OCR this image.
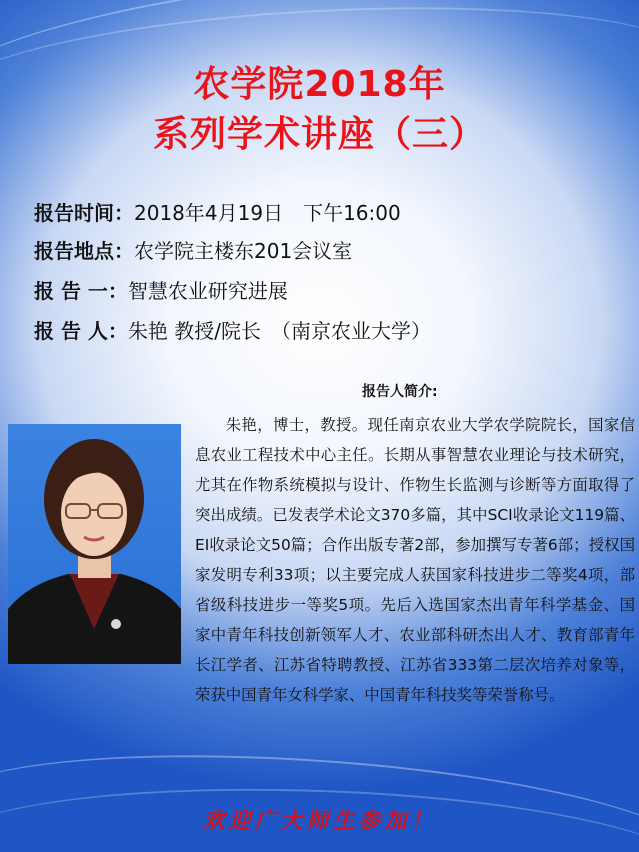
农学院2018年
系列学术讲座（三）
报告时间：2018年4月19日　下午16:00
报告地点：农学院主楼东201会议室
报 告 一：智慧农业研究进展
报 告 人：朱艳 教授/院长　（南京农业大学）
报告人简介:
朱艳，博士，教授。现任南京农业大学农学院院长，国家信息农业工程技术中心主任。长期从事智慧农业理论与技术研究，尤其在作物系统模拟与设计、作物生长监测与诊断等方面取得了突出成绩。已发表学术论文370多篇，其中SCI收录论文119篇、EI收录论文50篇；合作出版专著2部，参加撰写专著6部；授权国家发明专利33项；以主要完成人获国家科技进步二等奖4项，部省级科技进步一等奖5项。先后入选国家杰出青年科学基金、国家中青年科技创新领军人才、农业部科研杰出人才、教育部青年长江学者、江苏省特聘教授、江苏省333第二层次培养对象等，荣获中国青年女科学家、中国青年科技奖等荣誉称号。
欢迎广大师生参加！
